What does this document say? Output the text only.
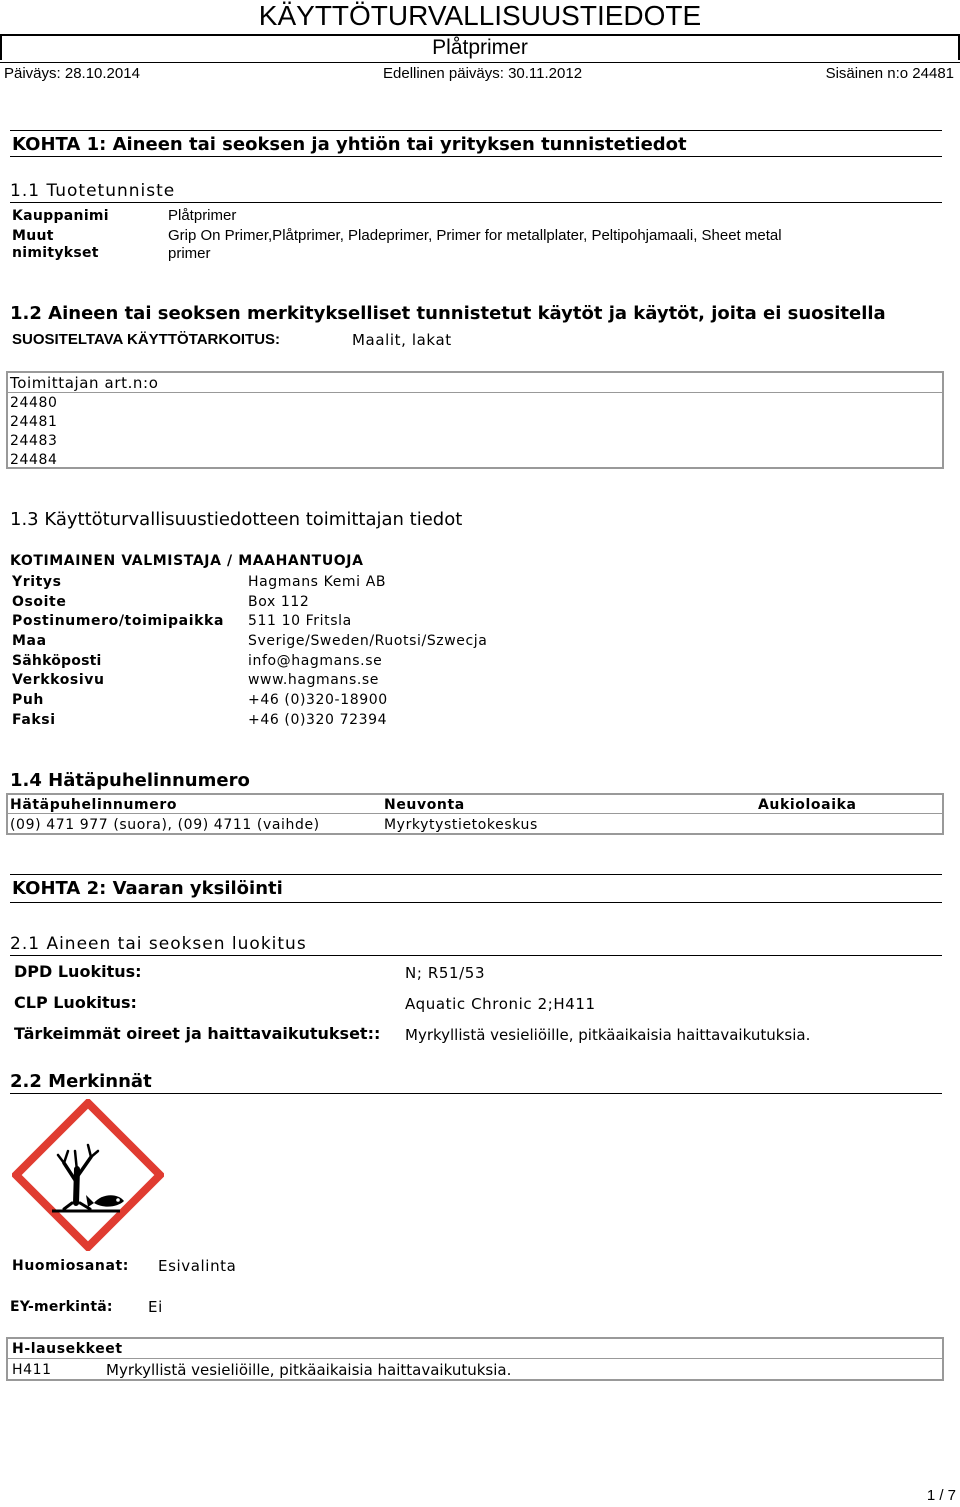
KÄYTTÖTURVALLISUUSTIEDOTE
Plåtprimer
Päiväys: 28.10.2014	Edellinen päiväys: 30.11.2012	Sisäinen n:o 24481
KOHTA 1: Aineen tai seoksen ja yhtiön tai yrityksen tunnistetiedot
1.1 Tuotetunniste
Kauppanimi	Plåtprimer
Muut
nimitykset
Grip On Primer,Plåtprimer, Pladeprimer, Primer for metallplater, Peltipohjamaali, Sheet metal
primer
1.2 Aineen tai seoksen merkitykselliset tunnistetut käytöt ja käytöt, joita ei suositella
SUOSITELTAVA KÄYTTÖTARKOITUS:	Maalit, lakat
Toimittajan art.n:o
24480
24481
24483
24484
1.3 Käyttöturvallisuustiedotteen toimittajan tiedot
KOTIMAINEN VALMISTAJA / MAAHANTUOJA
Yritys	Hagmans Kemi AB
Osoite	Box 112
Postinumero/toimipaikka 511 10 Fritsla
Maa	Sverige/Sweden/Ruotsi/Szwecja
Sähköposti	info@hagmans.se
Verkkosivu	www.hagmans.se
Puh	+46 (0)320-18900
Faksi	+46 (0)320 72394
1.4 Hätäpuhelinnumero
Hätäpuhelinnumero	Neuvonta	Aukioloaika
(09) 471 977 (suora), (09) 4711 (vaihde)	Myrkytystietokeskus
KOHTA 2: Vaaran yksilöinti
2.1 Aineen tai seoksen luokitus
DPD Luokitus:	N; R51/53
CLP Luokitus:	Aquatic Chronic 2;H411
Tärkeimmät oireet ja haittavaikutukset:: Myrkyllistä vesieliöille, pitkäaikaisia haittavaikutuksia.
2.2 Merkinnät
Huomiosanat: Esivalinta
EY-merkintä: Ei
H-lausekkeet
H411	Myrkyllistä vesieliöille, pitkäaikaisia haittavaikutuksia.
1 / 7
